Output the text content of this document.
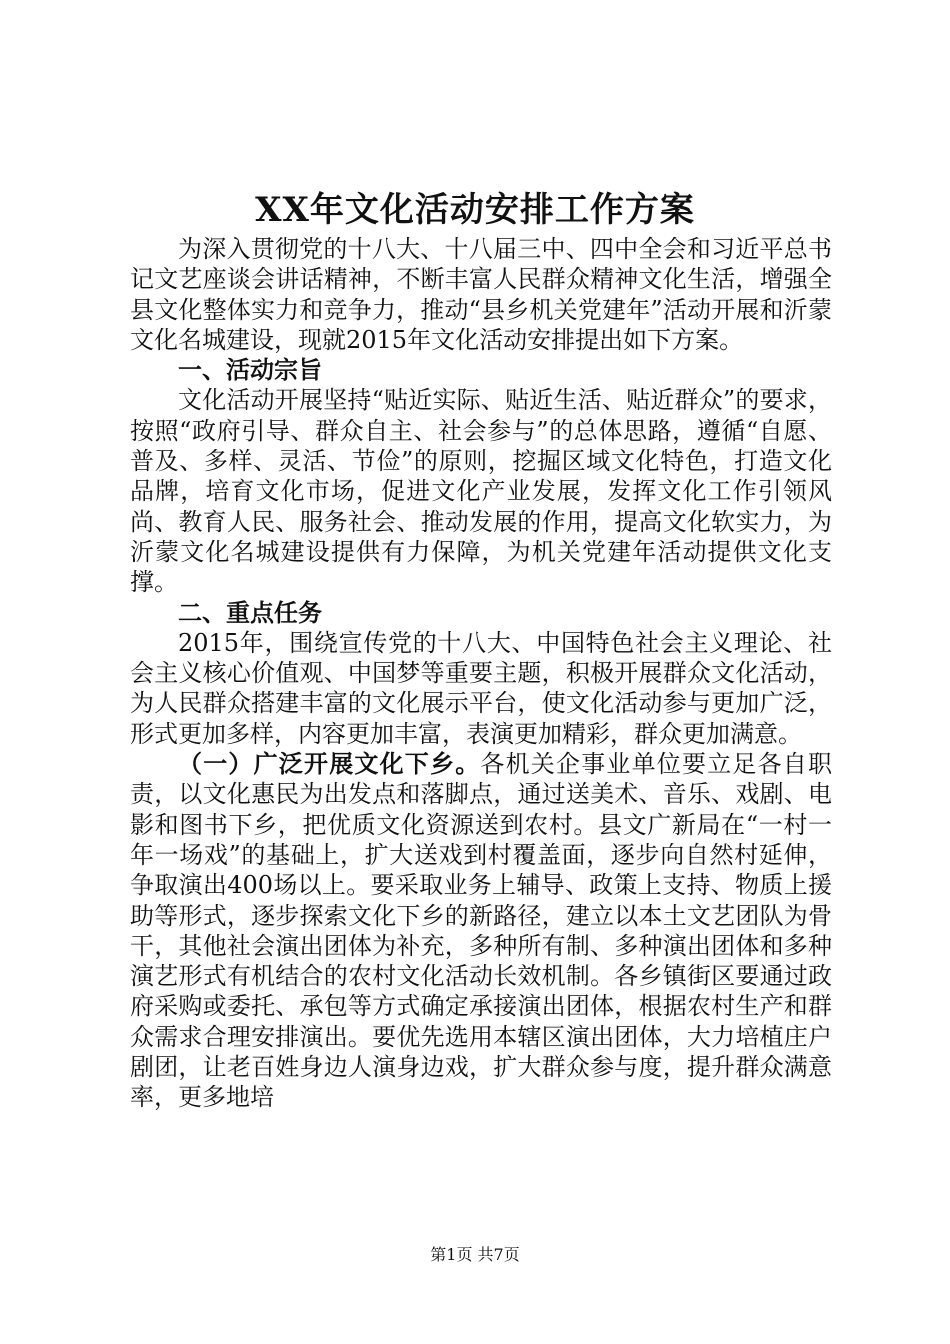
XX年文化活动安排工作方案

为深入贯彻党的十八大、十八届三中、四中全会和习近平总书记文艺座谈会讲话精神，不断丰富人民群众精神文化生活，增强全县文化整体实力和竞争力，推动“县乡机关党建年”活动开展和沂蒙文化名城建设，现就2015年文化活动安排提出如下方案。

一、活动宗旨

文化活动开展坚持“贴近实际、贴近生活、贴近群众”的要求，按照“政府引导、群众自主、社会参与”的总体思路，遵循“自愿、普及、多样、灵活、节俭”的原则，挖掘区域文化特色，打造文化品牌，培育文化市场，促进文化产业发展，发挥文化工作引领风尚、教育人民、服务社会、推动发展的作用，提高文化软实力，为沂蒙文化名城建设提供有力保障，为机关党建年活动提供文化支撑。

二、重点任务

2015年，围绕宣传党的十八大、中国特色社会主义理论、社会主义核心价值观、中国梦等重要主题，积极开展群众文化活动，为人民群众搭建丰富的文化展示平台，使文化活动参与更加广泛，形式更加多样，内容更加丰富，表演更加精彩，群众更加满意。

（一）广泛开展文化下乡。各机关企事业单位要立足各自职责，以文化惠民为出发点和落脚点，通过送美术、音乐、戏剧、电影和图书下乡，把优质文化资源送到农村。县文广新局在“一村一年一场戏”的基础上，扩大送戏到村覆盖面，逐步向自然村延伸，争取演出400场以上。要采取业务上辅导、政策上支持、物质上援助等形式，逐步探索文化下乡的新路径，建立以本土文艺团队为骨干，其他社会演出团体为补充，多种所有制、多种演出团体和多种演艺形式有机结合的农村文化活动长效机制。各乡镇街区要通过政府采购或委托、承包等方式确定承接演出团体，根据农村生产和群众需求合理安排演出。要优先选用本辖区演出团体，大力培植庄户剧团，让老百姓身边人演身边戏，扩大群众参与度，提升群众满意率，更多地培

第1页 共7页
